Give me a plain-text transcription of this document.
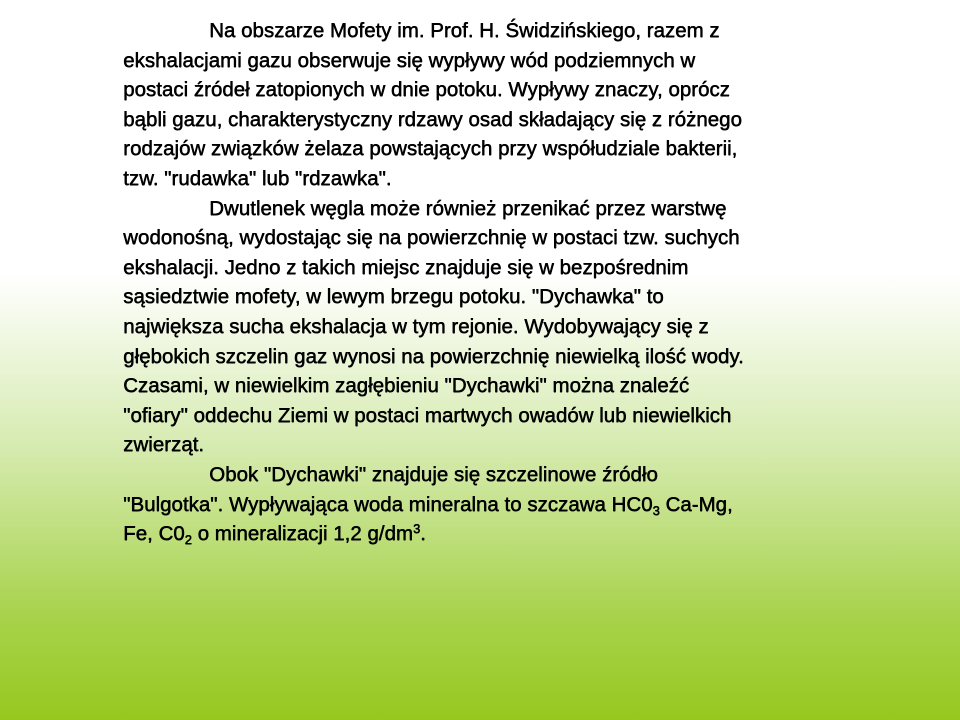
Na obszarze Mofety im. Prof. H. Świdzińskiego, razem z
ekshalacjami gazu obserwuje się wypływy wód podziemnych w
postaci źródeł zatopionych w dnie potoku. Wypływy znaczy, oprócz
bąbli gazu, charakterystyczny rdzawy osad składający się z różnego
rodzajów związków żelaza powstających przy współudziale bakterii,
tzw. "rudawka" lub "rdzawka".
Dwutlenek węgla może również przenikać przez warstwę
wodonośną, wydostając się na powierzchnię w postaci tzw. suchych
ekshalacji. Jedno z takich miejsc znajduje się w bezpośrednim
sąsiedztwie mofety, w lewym brzegu potoku. "Dychawka" to
największa sucha ekshalacja w tym rejonie. Wydobywający się z
głębokich szczelin gaz wynosi na powierzchnię niewielką ilość wody.
Czasami, w niewielkim zagłębieniu "Dychawki" można znaleźć
"ofiary" oddechu Ziemi w postaci martwych owadów lub niewielkich
zwierząt.
Obok "Dychawki" znajduje się szczelinowe źródło
"Bulgotka". Wypływająca woda mineralna to szczawa $HC0_3$ Ca-Mg,
Fe, $C0_2$ o mineralizacji 1,2 $g/dm^3$.
